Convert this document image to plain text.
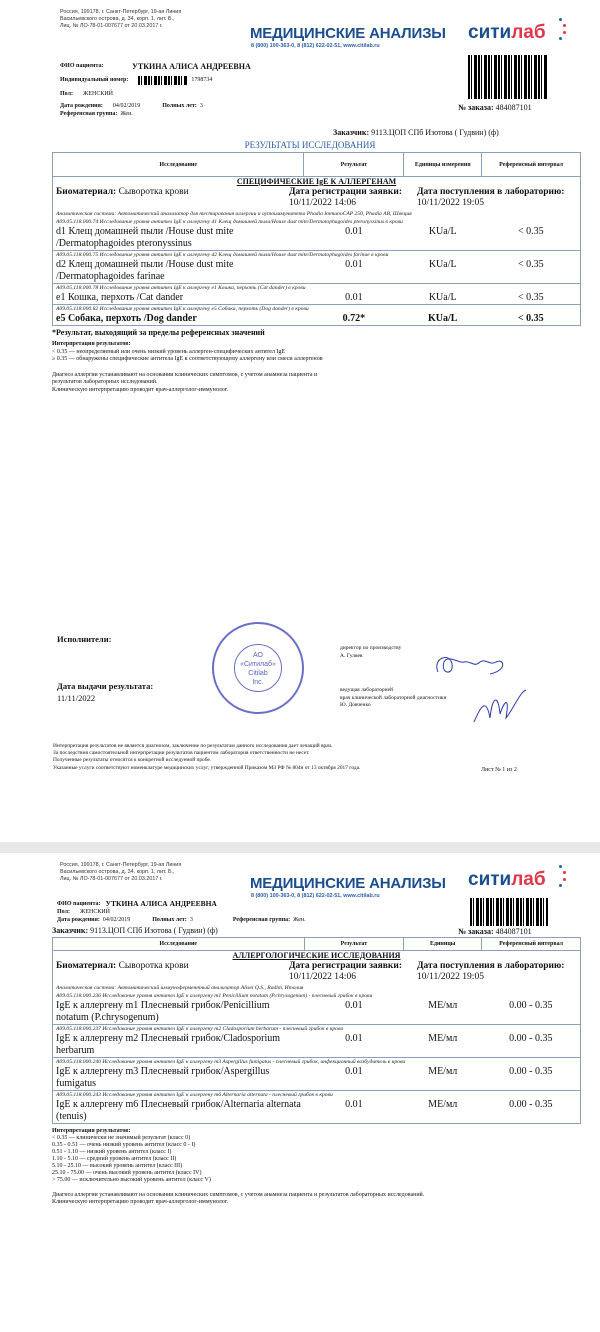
Россия, 199178, г. Санкт-Петербург, 19-ая Линия
Васильевского острова, д. 34, корп. 1, лит. Б.,
Лиц. № ЛО-78-01-007677 от 20.03.2017 г.	МЕДИЦИНСКИЕ АНАЛИЗЫ
8 (800) 100-363-0, 8 (812) 622-02-51, www.citilab.ru
ситилаб
ФИО пациента:	УТКИНА АЛИСА АНДРЕЕВНА
Индивидуальный номер:	1798734
Пол: ЖЕНСКИЙ
Дата рождения: 04/02/2019	Полных лет: 3
Референсная группа: Жен.
№ заказа: 484087101
Заказчик: 9113.ЦОП СПб Изотова ( Гудвин) (ф)
РЕЗУЛЬТАТЫ ИССЛЕДОВАНИЯ
Исследование	Результат	Единицы измерения	Референсный интервал
СПЕЦИФИЧЕСКИЕ IgE К АЛЛЕРГЕНАМ			

Биоматериал: Сыворотка крови Дата регистрации заявки:
10/11/2022 14:06
Дата поступления в лабораторию:
10/11/2022 19:05			

Аналитическая система: Автоматический анализатор для тестирования аллергии и аутоиммунитета Phadia ImmunoCAP 250, Phadia AB, Швеция			
A09.05.118.000.74 Исследование уровня антител IgE к аллергену d1 Клещ домашней пыли/House dust mite/Dermatophagoides pteronyssinus в крови			
d1 Клещ домашней пыли /House dust mite /Dermatophagoides pteronyssinus	0.01	KUa/L	< 0.35
A09.05.118.000.75 Исследование уровня антител IgE к аллергену d2 Клещ домашней пыли/House dust mite/Dermatophagoides farinae в крови			
d2 Клещ домашней пыли /House dust mite /Dermatophagoides farinae	0.01	KUa/L	< 0.35
A09.05.118.000.78 Исследование уровня антител IgE к аллергену e1 Кошка, перхоть (Cat dander) в крови			
e1 Кошка, перхоть /Cat dander	0.01	KUa/L	< 0.35
A09.05.118.000.82 Исследование уровня антител IgE к аллергену e5 Собака, перхоть (Dog dander) в крови			
e5 Собака, перхоть /Dog dander	0.72*	KUa/L	< 0.35
*Результат, выходящий за пределы референсных значений
Интерпретация результатов:
< 0.35 — неопределяемый или очень низкий уровень аллерген-специфических антител IgE
≥ 0.35 — обнаружены специфические антитела IgE к соответствующему аллергену или смеси аллергенов
Диагноз аллергии устанавливают на основании клинических симптомов, с учетом анамнеза пациента и
результатов лабораторных исследований.
Клиническую интерпретацию проводит врач-аллерголог-иммунолог.
Исполнители:
Дата выдачи результата:
11/11/2022
АО
«Ситилаб»
Citilab
Inc.
директор по производству
А. Гуляев
ведущая лабораторией
врач клинической лабораторной диагностики
Ю. Довченко
Интерпретация результатов не является диагнозом, заключение по результатам данного исследования дает лечащий врач.
За последствия самостоятельной интерпретации результатов пациентом лаборатория ответственности не несет.
Полученные результаты относятся к конкретной исследуемой пробе.
Указанные услуги соответствуют номенклатуре медицинских услуг, утвержденной Приказом МЗ РФ № 804н от 13 октября 2017 года.	Лист № 1 из 2
Россия, 199178, г. Санкт-Петербург, 19-ая Линия
Васильевского острова, д. 34, корп. 1, лит. Б.,
Лиц. № ЛО-78-01-007677 от 20.03.2017 г.	МЕДИЦИНСКИЕ АНАЛИЗЫ
8 (800) 100-363-0, 8 (812) 622-02-51, www.citilab.ru
ситилаб
№ заказа: 484087101
ФИО пациента: УТКИНА АЛИСА АНДРЕЕВНА
Пол: ЖЕНСКИЙ
Дата рождения: 04/02/2019	Полных лет: 3	Референсная группа: Жен.
Заказчик: 9113.ЦОП СПб Изотова ( Гудвин) (ф)
Исследование	Результат	Единицы	Референсный интервал
АЛЛЕРГОЛОГИЧЕСКИЕ ИССЛЕДОВАНИЯ			

Биоматериал: Сыворотка крови Дата регистрации заявки:
10/11/2022 14:06
Дата поступления в лабораторию:
10/11/2022 19:05			

Аналитическая система: Автоматический иммуноферментный анализатор Alisei Q.S., Radim, Италия			
A09.05.118.000.236 Исследование уровня антител IgE к аллергену m1 Penicillium notatum (P.chrysogenum) - плесневый грибок в крови			
IgE к аллергену m1 Плесневый грибок/Penicillium notatum (P.chrysogenum)	0.01	МЕ/мл	0.00 - 0.35
A09.05.118.000.237 Исследование уровня антител IgE к аллергену m2 Cladosporium herbarum - плесневый грибок в крови			
IgE к аллергену m2 Плесневый грибок/Cladosporium herbarum	0.01	МЕ/мл	0.00 - 0.35
A09.05.118.000.240 Исследование уровня антител IgE к аллергену m3 Aspergillus fumigatus - плесневый грибок, инфекционный возбудитель в крови			
IgE к аллергену m3 Плесневый грибок/Aspergillus fumigatus	0.01	МЕ/мл	0.00 - 0.35
A09.05.118.000.243 Исследование уровня антител IgE к аллергену m6 Alternaria alternata - плесневый грибок в крови			
IgE к аллергену m6 Плесневый грибок/Alternaria alternata (tenuis)	0.01	МЕ/мл	0.00 - 0.35
Интерпретация результатов:
< 0.35 — клинически не значимый результат (класс 0)
0.35 - 0.51 — очень низкий уровень антител (класс 0 - I)
0.51 - 1.10 — низкий уровень антител (класс I)
1.10 - 5.10 — средний уровень антител (класс II)
5.10 - 25.10 — высокий уровень антител (класс III)
25.10 - 75.00 — очень высокий уровень антител (класс IV)
> 75.00 — исключительно высокий уровень антител (класс V)
Диагноз аллергии устанавливают на основании клинических симптомов, с учетом анамнеза пациента и результатов лабораторных исследований.
Клиническую интерпретацию проводит врач-аллерголог-иммунолог.
